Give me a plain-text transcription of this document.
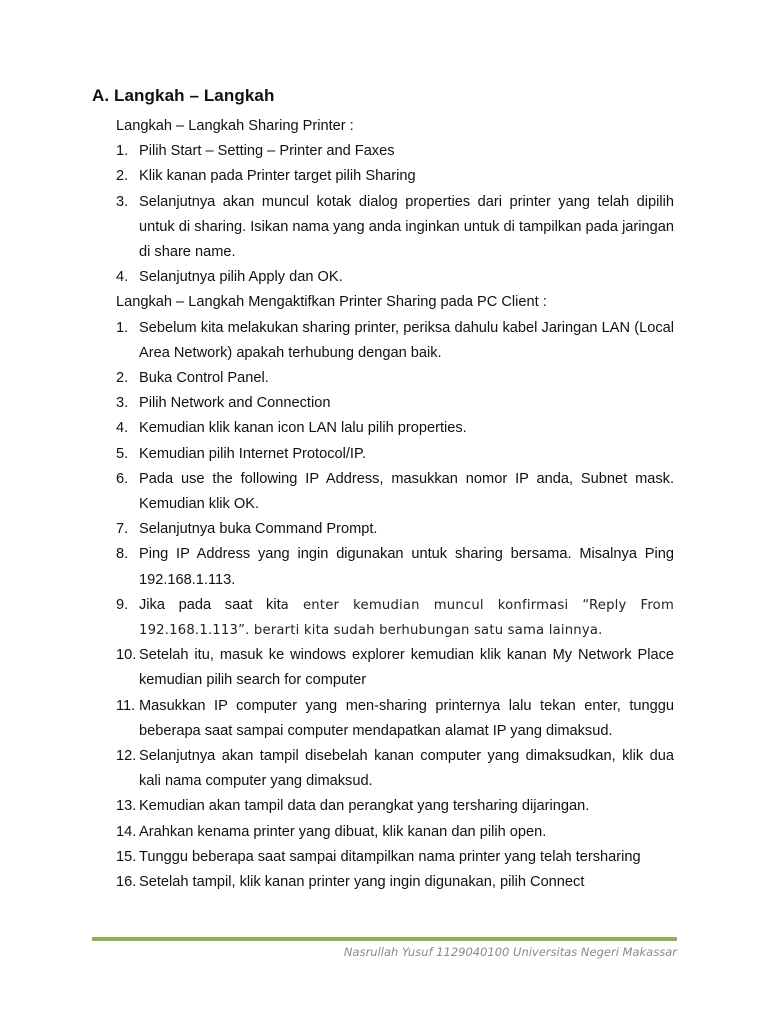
A. Langkah – Langkah
Langkah – Langkah Sharing Printer :
1. Pilih Start – Setting – Printer and Faxes
2. Klik kanan pada Printer target pilih Sharing
3. Selanjutnya akan muncul kotak dialog properties dari printer yang telah dipilih untuk di sharing. Isikan nama yang anda inginkan untuk di tampilkan pada jaringan di share name.
4. Selanjutnya pilih Apply dan OK.
Langkah – Langkah Mengaktifkan Printer Sharing pada PC Client :
1. Sebelum kita melakukan sharing printer, periksa dahulu kabel Jaringan LAN (Local Area Network) apakah terhubung dengan baik.
2. Buka Control Panel.
3. Pilih Network and Connection
4. Kemudian klik kanan icon LAN lalu pilih properties.
5. Kemudian pilih Internet Protocol/IP.
6. Pada use the following IP Address, masukkan nomor IP anda, Subnet mask. Kemudian klik OK.
7. Selanjutnya buka Command Prompt.
8. Ping IP Address yang ingin digunakan untuk sharing bersama. Misalnya Ping 192.168.1.113.
9. Jika pada saat kita enter kemudian muncul konfirmasi “Reply From 192.168.1.113”. berarti kita sudah berhubungan satu sama lainnya.
10. Setelah itu, masuk ke windows explorer kemudian klik kanan My Network Place kemudian pilih search for computer
11. Masukkan IP computer yang men-sharing printernya lalu tekan enter, tunggu beberapa saat sampai computer mendapatkan alamat IP yang dimaksud.
12. Selanjutnya akan tampil disebelah kanan computer yang dimaksudkan, klik dua kali nama computer yang dimaksud.
13. Kemudian akan tampil data dan perangkat yang tersharing dijaringan.
14. Arahkan kenama printer yang dibuat, klik kanan dan pilih open.
15. Tunggu beberapa saat sampai ditampilkan nama printer yang telah tersharing
16. Setelah tampil, klik kanan printer yang ingin digunakan, pilih Connect
Nasrullah Yusuf 1129040100 Universitas Negeri Makassar
